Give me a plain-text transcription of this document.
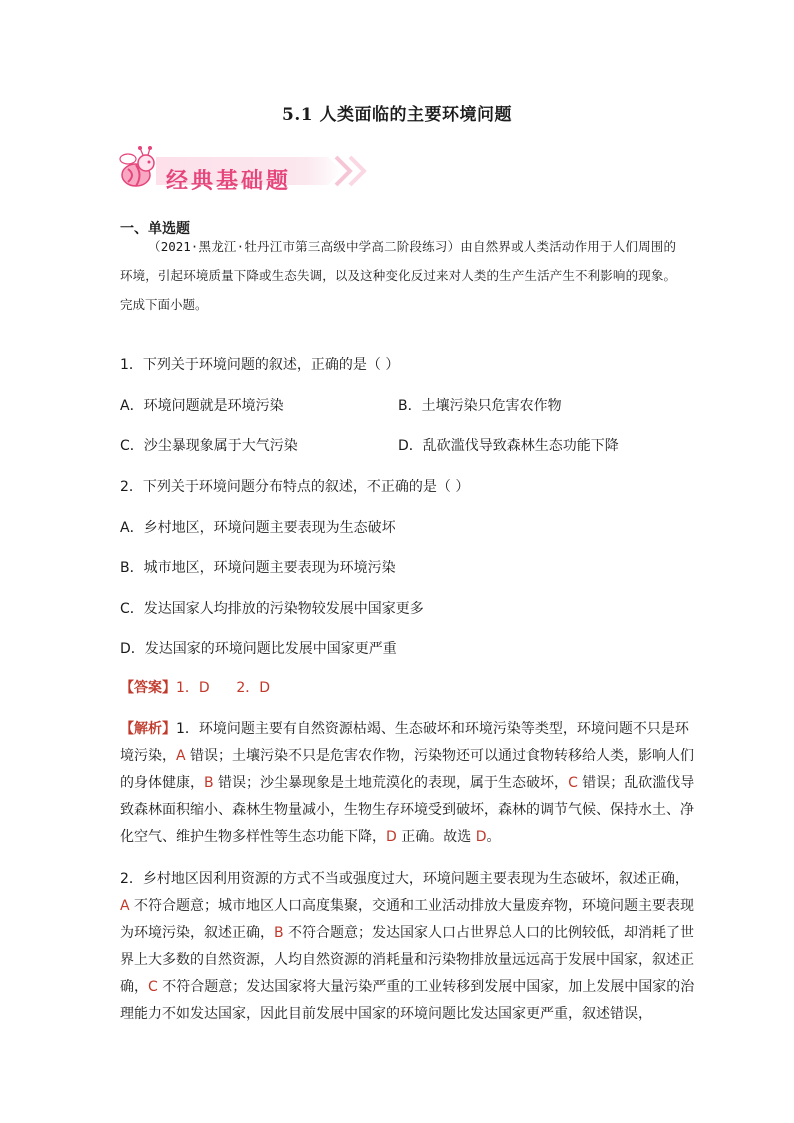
5.1 人类面临的主要环境问题
经典基础题
一、单选题
（2021·黑龙江·牡丹江市第三高级中学高二阶段练习）由自然界或人类活动作用于人们周围的环境，引起环境质量下降或生态失调，以及这种变化反过来对人类的生产生活产生不利影响的现象。完成下面小题。
1．下列关于环境问题的叙述，正确的是（ ）
A．环境问题就是环境污染	B．土壤污染只危害农作物
C．沙尘暴现象属于大气污染	D．乱砍滥伐导致森林生态功能下降
2．下列关于环境问题分布特点的叙述，不正确的是（ ）
A．乡村地区，环境问题主要表现为生态破坏
B．城市地区，环境问题主要表现为环境污染
C．发达国家人均排放的污染物较发展中国家更多
D．发达国家的环境问题比发展中国家更严重
【答案】1．D      2．D
【解析】1．环境问题主要有自然资源枯竭、生态破坏和环境污染等类型，环境问题不只是环境污染，A 错误；土壤污染不只是危害农作物，污染物还可以通过食物转移给人类，影响人们的身体健康，B 错误；沙尘暴现象是土地荒漠化的表现，属于生态破坏，C 错误；乱砍滥伐导致森林面积缩小、森林生物量减小，生物生存环境受到破坏，森林的调节气候、保持水土、净化空气、维护生物多样性等生态功能下降，D 正确。故选 D。
2．乡村地区因利用资源的方式不当或强度过大，环境问题主要表现为生态破坏，叙述正确，A 不符合题意；城市地区人口高度集聚，交通和工业活动排放大量废弃物，环境问题主要表现为环境污染，叙述正确，B 不符合题意；发达国家人口占世界总人口的比例较低，却消耗了世界上大多数的自然资源，人均自然资源的消耗量和污染物排放量远远高于发展中国家，叙述正确，C 不符合题意；发达国家将大量污染严重的工业转移到发展中国家，加上发展中国家的治理能力不如发达国家，因此目前发展中国家的环境问题比发达国家更严重，叙述错误，
